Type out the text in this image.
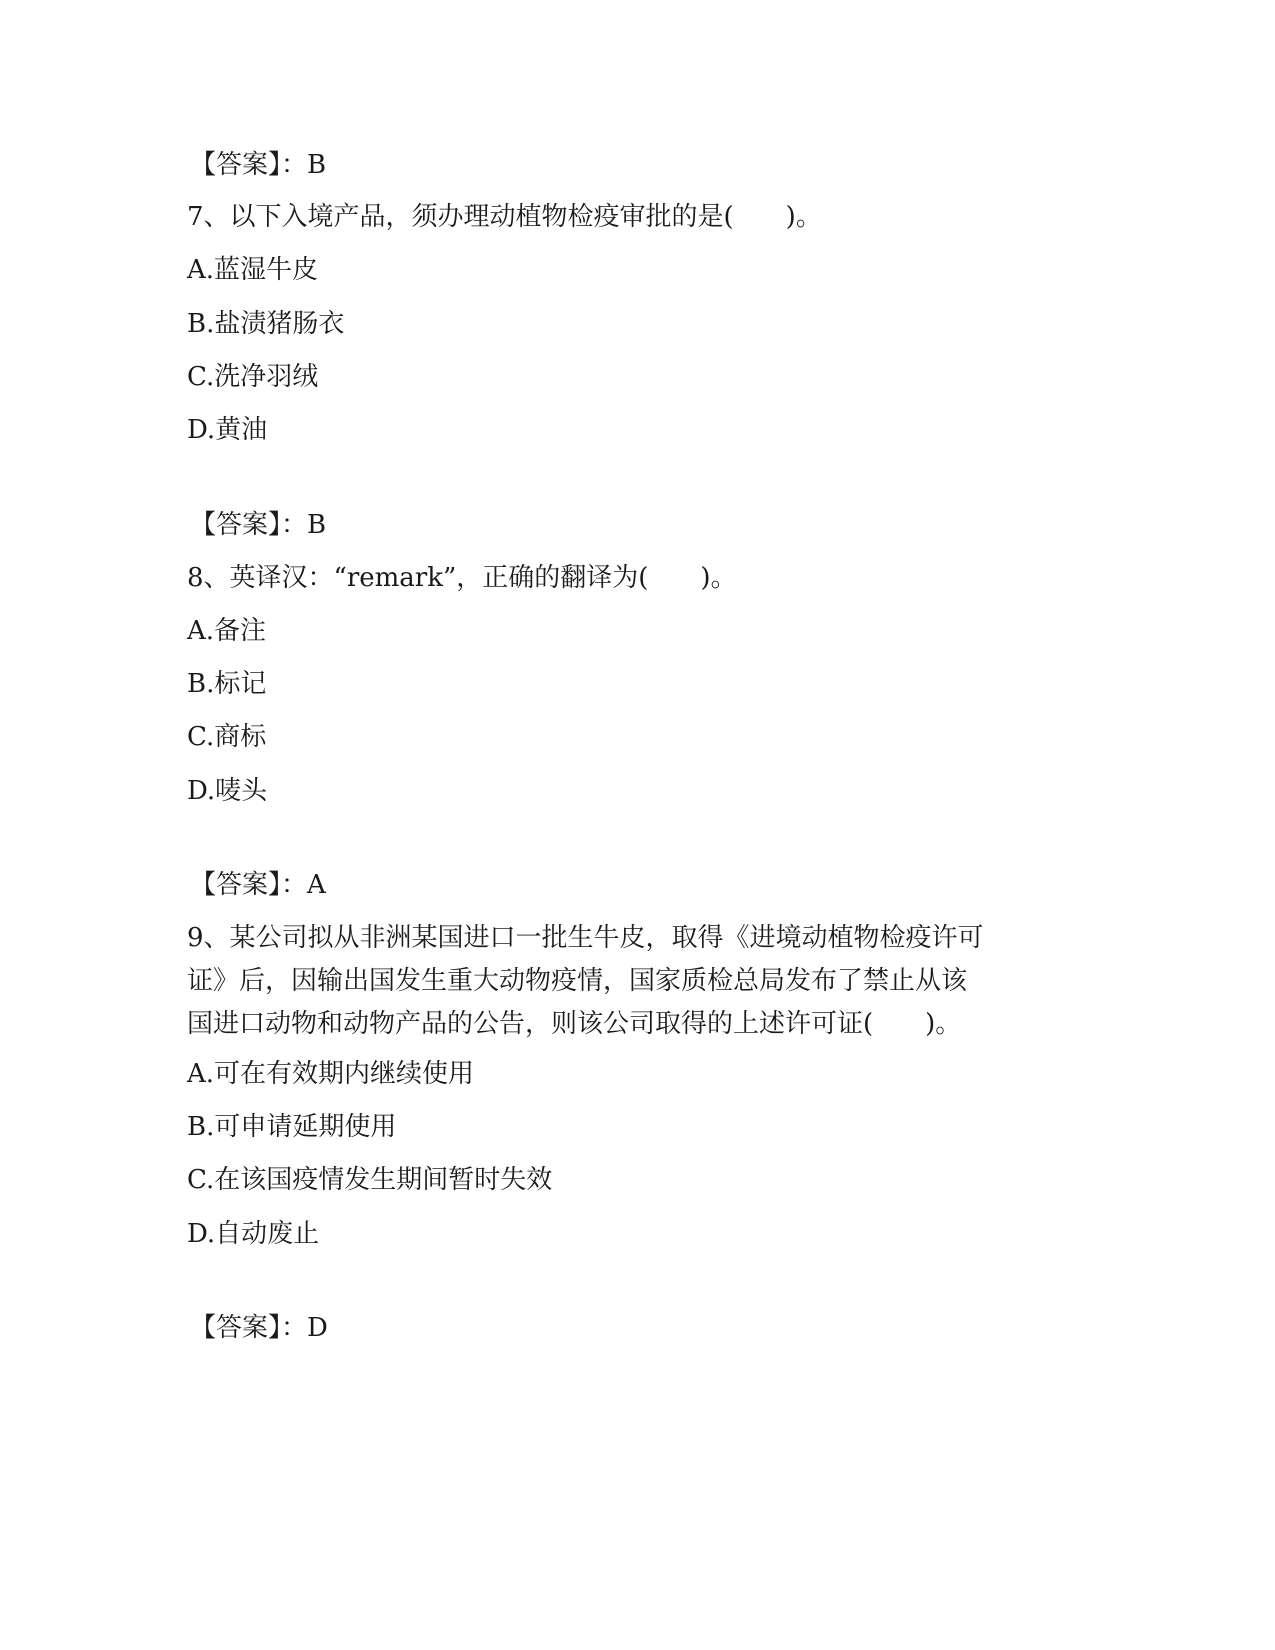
【答案】：B
7、以下入境产品，须办理动植物检疫审批的是(　　)。
A.蓝湿牛皮
B.盐渍猪肠衣
C.洗净羽绒
D.黄油
【答案】：B
8、英译汉：“remark”，正确的翻译为(　　)。
A.备注
B.标记
C.商标
D.唛头
【答案】：A
9、某公司拟从非洲某国进口一批生牛皮，取得《进境动植物检疫许可
证》后，因输出国发生重大动物疫情，国家质检总局发布了禁止从该
国进口动物和动物产品的公告，则该公司取得的上述许可证(　　)。
A.可在有效期内继续使用
B.可申请延期使用
C.在该国疫情发生期间暂时失效
D.自动废止
【答案】：D
